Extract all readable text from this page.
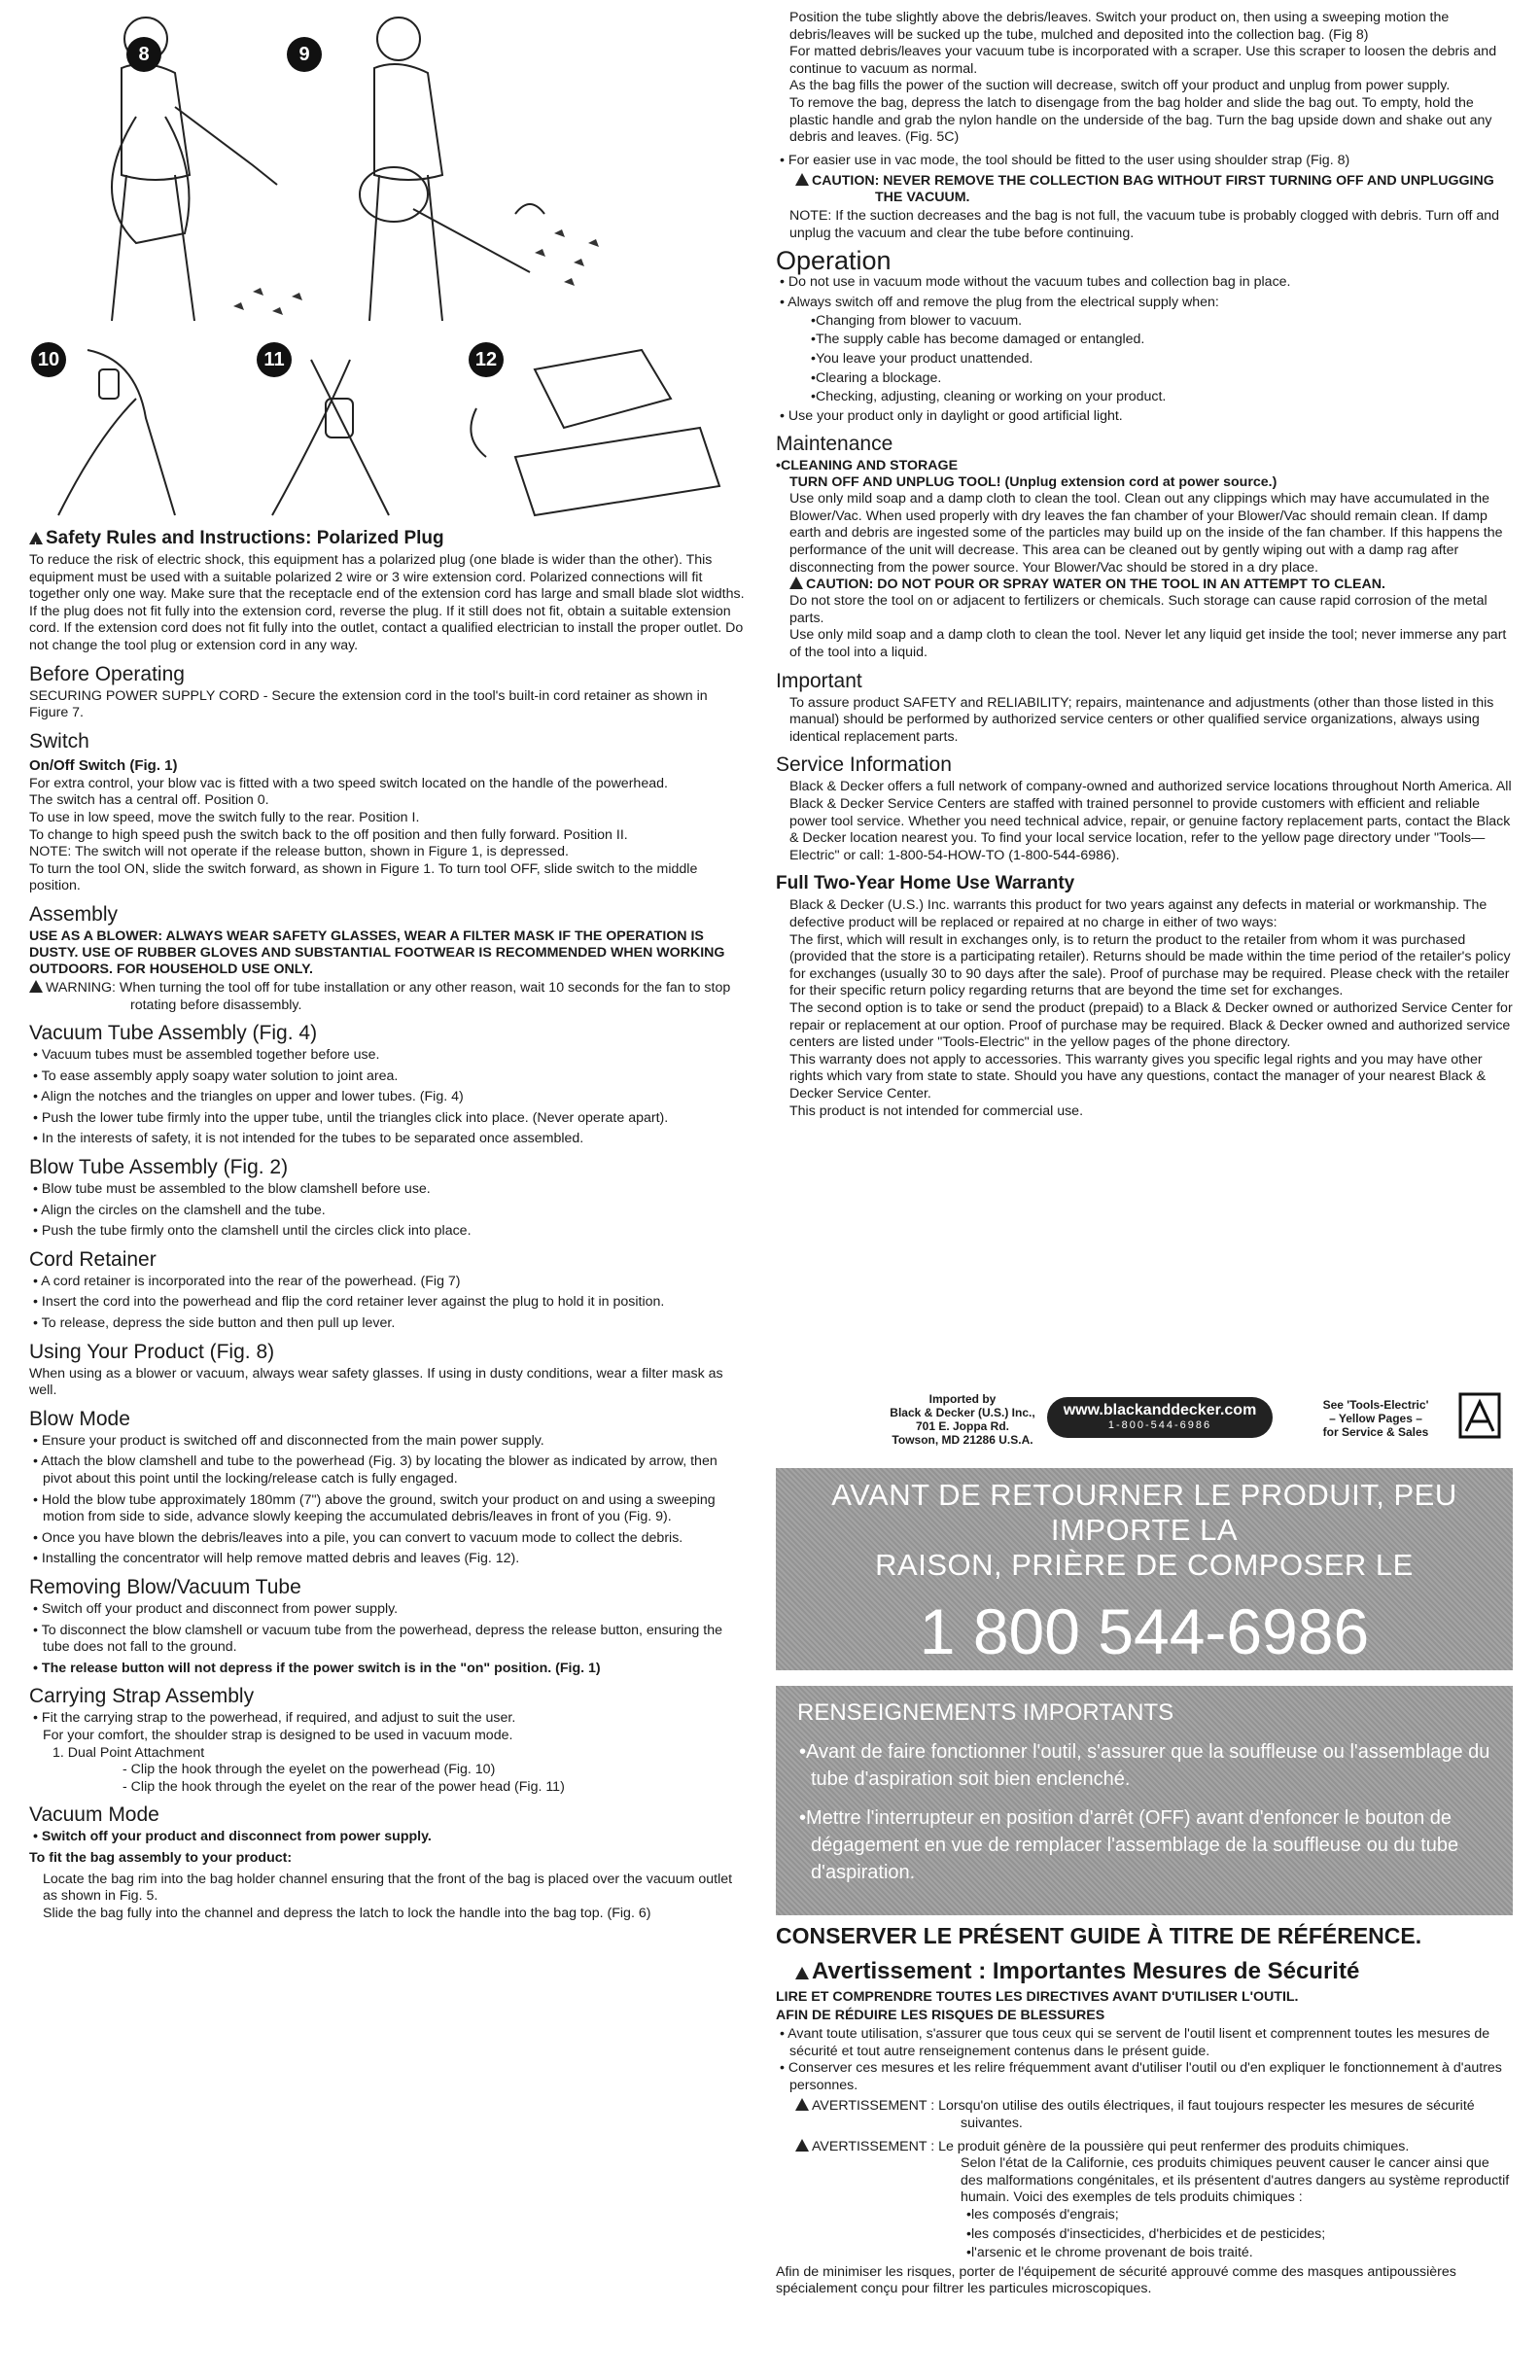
8	9
10	11	12
!Safety Rules and Instructions: Polarized Plug

To reduce the risk of electric shock, this equipment has a polarized plug (one blade is wider than the other). This equipment must be used with a suitable polarized 2 wire or 3 wire extension cord. Polarized connections will fit together only one way. Make sure that the receptacle end of the extension cord has large and small blade slot widths. If the plug does not fit fully into the extension cord, reverse the plug. If it still does not fit, obtain a suitable extension cord. If the extension cord does not fit fully into the outlet, contact a qualified electrician to install the proper outlet. Do not change the tool plug or extension cord in any way.

Before Operating

SECURING POWER SUPPLY CORD - Secure the extension cord in the tool's built-in cord retainer as shown in Figure 7.

Switch
On/Off Switch (Fig. 1)

For extra control, your blow vac is fitted with a two speed switch located on the handle of the powerhead.

The switch has a central off. Position 0.

To use in low speed, move the switch fully to the rear. Position I.

To change to high speed push the switch back to the off position and then fully forward. Position II.

NOTE: The switch will not operate if the release button, shown in Figure 1, is depressed.

To turn the tool ON, slide the switch forward, as shown in Figure 1. To turn tool OFF, slide switch to the middle position.

Assembly

USE AS A BLOWER: ALWAYS WEAR SAFETY GLASSES, WEAR A FILTER MASK IF THE OPERATION IS DUSTY. USE OF RUBBER GLOVES AND SUBSTANTIAL FOOTWEAR IS RECOMMENDED WHEN WORKING OUTDOORS. FOR HOUSEHOLD USE ONLY.

!WARNING: When turning the tool off for tube installation or any other reason, wait 10 seconds for the fan to stop rotating before disassembly.

Vacuum Tube Assembly (Fig. 4)
• Vacuum tubes must be assembled together before use.
• To ease assembly apply soapy water solution to joint area.
• Align the notches and the triangles on upper and lower tubes. (Fig. 4)
• Push the lower tube firmly into the upper tube, until the triangles click into place. (Never operate apart).
• In the interests of safety, it is not intended for the tubes to be separated once assembled.
Blow Tube Assembly (Fig. 2)
• Blow tube must be assembled to the blow clamshell before use.
• Align the circles on the clamshell and the tube.
• Push the tube firmly onto the clamshell until the circles click into place.
Cord Retainer
• A cord retainer is incorporated into the rear of the powerhead. (Fig 7)
• Insert the cord into the powerhead and flip the cord retainer lever against the plug to hold it in position.
• To release, depress the side button and then pull up lever.
Using Your Product (Fig. 8)

When using as a blower or vacuum, always wear safety glasses. If using in dusty conditions, wear a filter mask as well.

Blow Mode
• Ensure your product is switched off and disconnected from the main power supply.
• Attach the blow clamshell and tube to the powerhead (Fig. 3) by locating the blower as indicated by arrow, then pivot about this point until the locking/release catch is fully engaged.
• Hold the blow tube approximately 180mm (7") above the ground, switch your product on and using a sweeping motion from side to side, advance slowly keeping the accumulated debris/leaves in front of you (Fig. 9).
• Once you have blown the debris/leaves into a pile, you can convert to vacuum mode to collect the debris.
• Installing the concentrator will help remove matted debris and leaves (Fig. 12).
Removing Blow/Vacuum Tube
• Switch off your product and disconnect from power supply.
• To disconnect the blow clamshell or vacuum tube from the powerhead, depress the release button, ensuring the tube does not fall to the ground.
• The release button will not depress if the power switch is in the "on" position. (Fig. 1)
Carrying Strap Assembly
• Fit the carrying strap to the powerhead, if required, and adjust to suit the user.

For your comfort, the shoulder strap is designed to be used in vacuum mode.

1. Dual Point Attachment

- Clip the hook through the eyelet on the powerhead (Fig. 10)

- Clip the hook through the eyelet on the rear of the power head (Fig. 11)

Vacuum Mode
• Switch off your product and disconnect from power supply.

To fit the bag assembly to your product:

Locate the bag rim into the bag holder channel ensuring that the front of the bag is placed over the vacuum outlet as shown in Fig. 5.

Slide the bag fully into the channel and depress the latch to lock the handle into the bag top. (Fig. 6)

Position the tube slightly above the debris/leaves. Switch your product on, then using a sweeping motion the debris/leaves will be sucked up the tube, mulched and deposited into the collection bag. (Fig 8)

For matted debris/leaves your vacuum tube is incorporated with a scraper. Use this scraper to loosen the debris and continue to vacuum as normal.

As the bag fills the power of the suction will decrease, switch off your product and unplug from power supply.

To remove the bag, depress the latch to disengage from the bag holder and slide the bag out. To empty, hold the plastic handle and grab the nylon handle on the underside of the bag. Turn the bag upside down and shake out any debris and leaves. (Fig. 5C)

• For easier use in vac mode, the tool should be fitted to the user using shoulder strap (Fig. 8)

!CAUTION: NEVER REMOVE THE COLLECTION BAG WITHOUT FIRST TURNING OFF AND UNPLUGGING THE VACUUM.

NOTE: If the suction decreases and the bag is not full, the vacuum tube is probably clogged with debris. Turn off and unplug the vacuum and clear the tube before continuing.

Operation
• Do not use in vacuum mode without the vacuum tubes and collection bag in place.
• Always switch off and remove the plug from the electrical supply when:
• Changing from blower to vacuum.
• The supply cable has become damaged or entangled.
• You leave your product unattended.
• Clearing a blockage.
• Checking, adjusting, cleaning or working on your product.
• Use your product only in daylight or good artificial light.
Maintenance

•CLEANING AND STORAGE

TURN OFF AND UNPLUG TOOL! (Unplug extension cord at power source.)

Use only mild soap and a damp cloth to clean the tool. Clean out any clippings which may have accumulated in the Blower/Vac. When used properly with dry leaves the fan chamber of your Blower/Vac should remain clean. If damp earth and debris are ingested some of the particles may build up on the inside of the fan chamber. If this happens the performance of the unit will decrease. This area can be cleaned out by gently wiping out with a damp rag after disconnecting from the power source. Your Blower/Vac should be stored in a dry place.

!CAUTION: DO NOT POUR OR SPRAY WATER ON THE TOOL IN AN ATTEMPT TO CLEAN.

Do not store the tool on or adjacent to fertilizers or chemicals. Such storage can cause rapid corrosion of the metal parts.

Use only mild soap and a damp cloth to clean the tool. Never let any liquid get inside the tool; never immerse any part of the tool into a liquid.

Important

To assure product SAFETY and RELIABILITY; repairs, maintenance and adjustments (other than those listed in this manual) should be performed by authorized service centers or other qualified service organizations, always using identical replacement parts.

Service Information

Black & Decker offers a full network of company-owned and authorized service locations throughout North America. All Black & Decker Service Centers are staffed with trained personnel to provide customers with efficient and reliable power tool service. Whether you need technical advice, repair, or genuine factory replacement parts, contact the Black & Decker location nearest you. To find your local service location, refer to the yellow page directory under "Tools—Electric" or call: 1-800-54-HOW-TO (1-800-544-6986).

Full Two-Year Home Use Warranty

Black & Decker (U.S.) Inc. warrants this product for two years against any defects in material or workmanship. The defective product will be replaced or repaired at no charge in either of two ways:

The first, which will result in exchanges only, is to return the product to the retailer from whom it was purchased (provided that the store is a participating retailer). Returns should be made within the time period of the retailer's policy for exchanges (usually 30 to 90 days after the sale). Proof of purchase may be required. Please check with the retailer for their specific return policy regarding returns that are beyond the time set for exchanges.

The second option is to take or send the product (prepaid) to a Black & Decker owned or authorized Service Center for repair or replacement at our option. Proof of purchase may be required. Black & Decker owned and authorized service centers are listed under "Tools-Electric" in the yellow pages of the phone directory.

This warranty does not apply to accessories. This warranty gives you specific legal rights and you may have other rights which vary from state to state. Should you have any questions, contact the manager of your nearest Black & Decker Service Center.

This product is not intended for commercial use.

Imported by
Black & Decker (U.S.) Inc.,
701 E. Joppa Rd.
Towson, MD 21286 U.S.A.
www.blackanddecker.com
1-800-544-6986
See 'Tools-Electric'
– Yellow Pages –
for Service & Sales
AVANT DE RETOURNER LE PRODUIT, PEU IMPORTE LA
RAISON, PRIÈRE DE COMPOSER LE
1 800 544-6986
RENSEIGNEMENTS IMPORTANTS

•Avant de faire fonctionner l'outil, s'assurer que la souffleuse ou l'assemblage du tube d'aspiration soit bien enclenché.

•Mettre l'interrupteur en position d'arrêt (OFF) avant d'enfoncer le bouton de dégagement en vue de remplacer l'assemblage de la souffleuse ou du tube d'aspiration.

CONSERVER LE PRÉSENT GUIDE À TITRE DE RÉFÉRENCE.
!Avertissement : Importantes Mesures de Sécurité

LIRE ET COMPRENDRE TOUTES LES DIRECTIVES AVANT D'UTILISER L'OUTIL.

AFIN DE RÉDUIRE LES RISQUES DE BLESSURES

• Avant toute utilisation, s'assurer que tous ceux qui se servent de l'outil lisent et comprennent toutes les mesures de sécurité et tout autre renseignement contenus dans le présent guide.
• Conserver ces mesures et les relire fréquemment avant d'utiliser l'outil ou d'en expliquer le fonctionnement à d'autres personnes.

!AVERTISSEMENT : Lorsqu'on utilise des outils électriques, il faut toujours respecter les mesures de sécurité suivantes.

!AVERTISSEMENT : Le produit génère de la poussière qui peut renfermer des produits chimiques.

Selon l'état de la Californie, ces produits chimiques peuvent causer le cancer ainsi que des malformations congénitales, et ils présentent d'autres dangers au système reproductif humain. Voici des exemples de tels produits chimiques :

• les composés d'engrais;
• les composés d'insecticides, d'herbicides et de pesticides;
• l'arsenic et le chrome provenant de bois traité.

Afin de minimiser les risques, porter de l'équipement de sécurité approuvé comme des masques antipoussières spécialement conçu pour filtrer les particules microscopiques.
